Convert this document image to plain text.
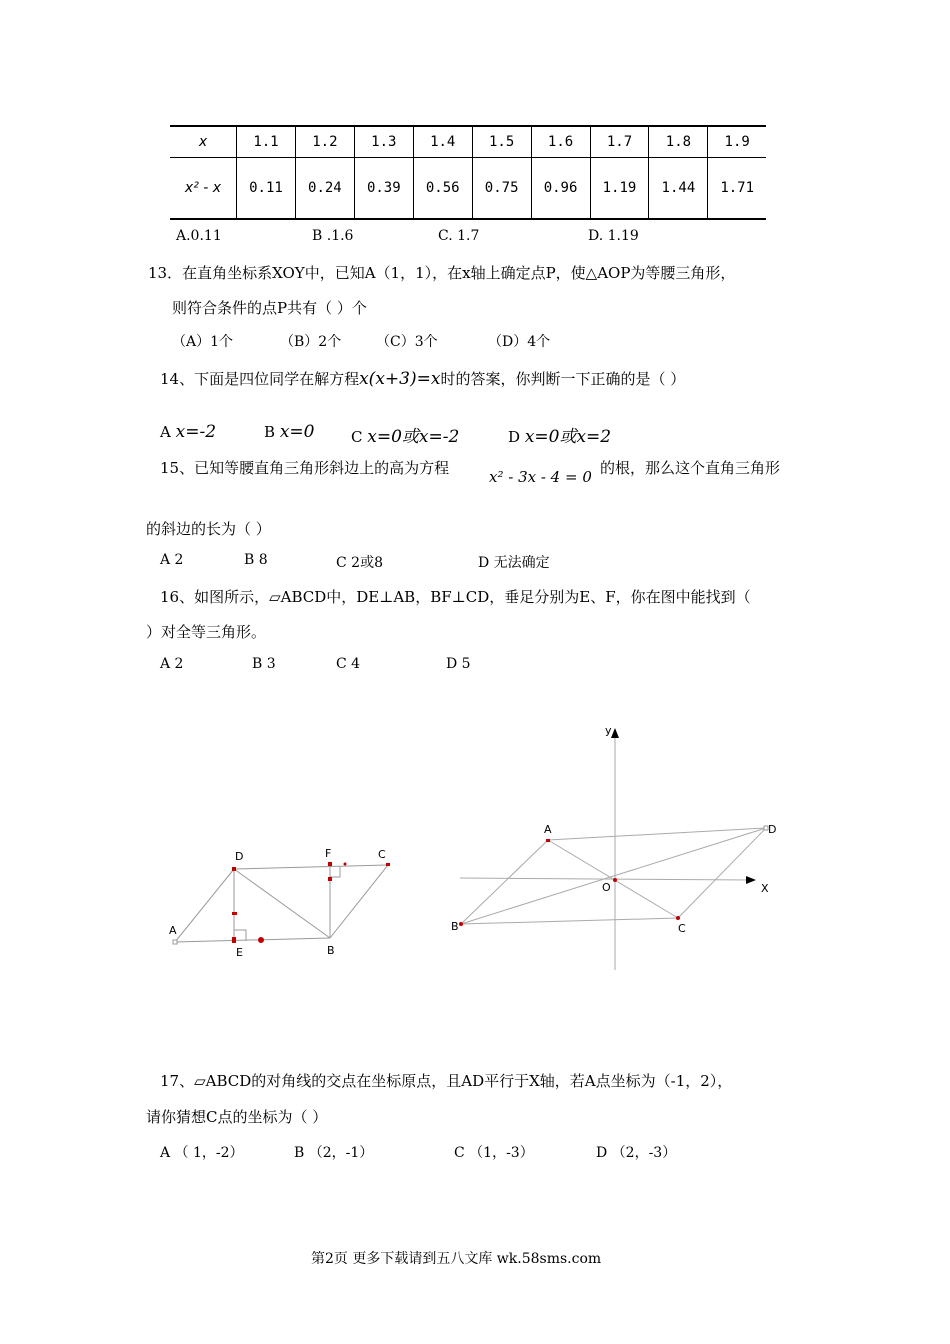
x	1.1	1.2	1.3	1.4	1.5	1.6	1.7	1.8	1.9
x² - x	0.11	0.24	0.39	0.56	0.75	0.96	1.19	1.44	1.71
A.0.11	B .1.6	C. 1.7	D. 1.19
13．在直角坐标系XOY中，已知A（1，1），在x轴上确定点P，使△AOP为等腰三角形，
则符合条件的点P共有（ ）个
（A）1个	（B）2个 （C）3个	（D）4个
14、下面是四位同学在解方程x(x+3)=x时的答案，你判断一下正确的是（ ）
A x=-2	B x=0 C x=0或x=-2	D x=0或x=2
15、已知等腰直角三角形斜边上的高为方程	x² - 3x - 4 = 0 的根，那么这个直角三角形
的斜边的长为（ ）
A 2	B 8	C 2或8	D 无法确定
16、如图所示，▱ABCD中，DE⊥AB，BF⊥CD，垂足分别为E、F，你在图中能找到（
）对全等三角形。
A 2	B 3	C 4	D 5
A
D	F	C
E	B
y
X
A	D
O
B	C
17、▱ABCD的对角线的交点在坐标原点，且AD平行于X轴，若A点坐标为（-1，2），
请你猜想C点的坐标为（ ）
A （ 1，-2）	B （2，-1）	C （1，-3）	D （2，-3）
第2页 更多下载请到五八文库 wk.58sms.com
